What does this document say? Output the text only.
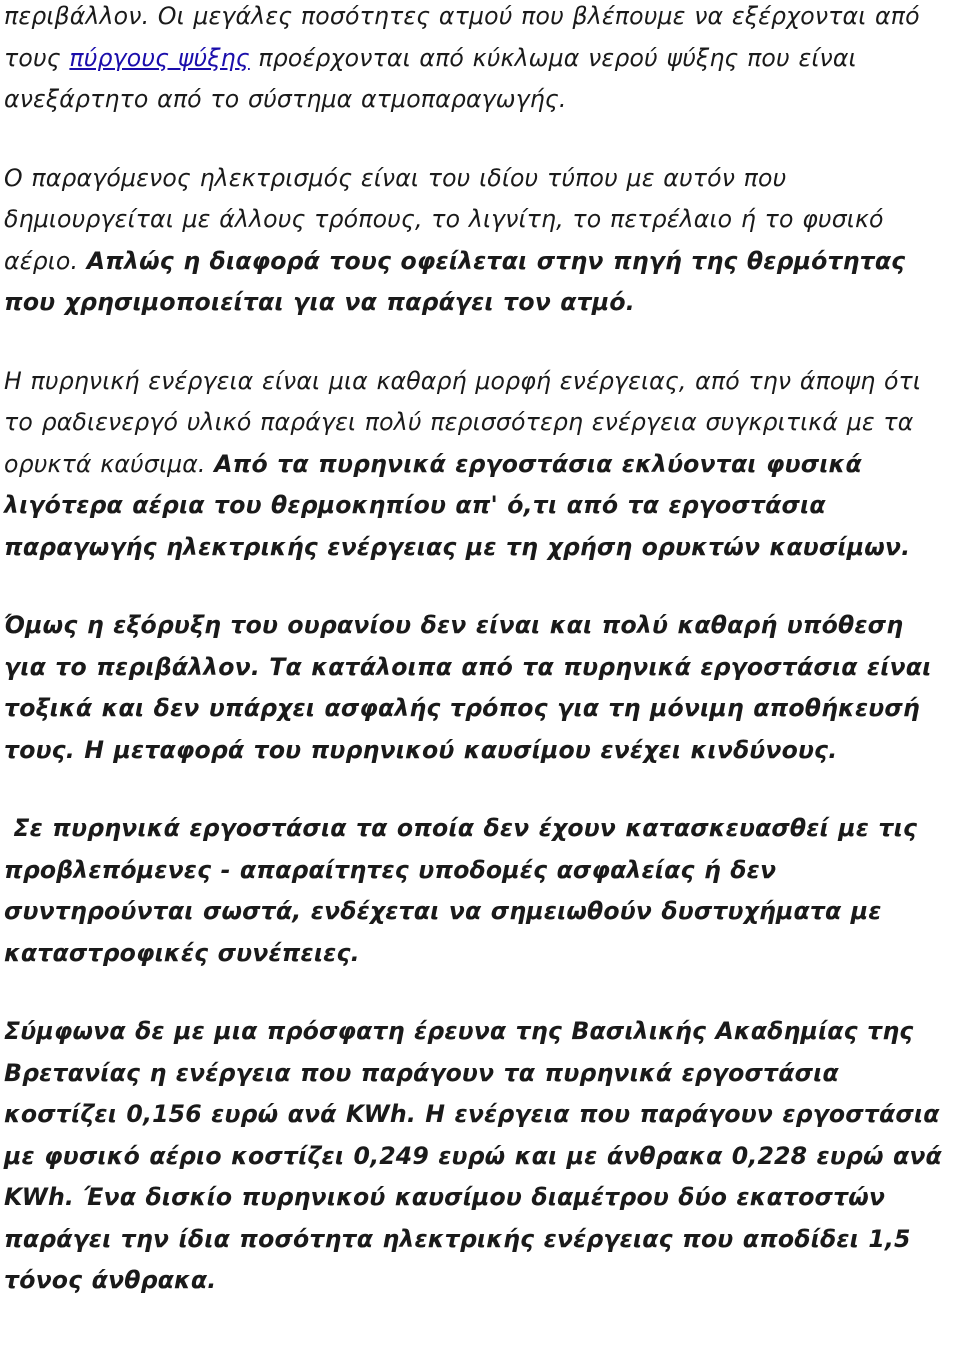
περιβάλλον. Οι μεγάλες ποσότητες ατμού που βλέπουμε να εξέρχονται από τους πύργους ψύξης προέρχονται από κύκλωμα νερού ψύξης που είναι ανεξάρτητο από το σύστημα ατμοπαραγωγής.

Ο παραγόμενος ηλεκτρισμός είναι του ιδίου τύπου με αυτόν που δημιουργείται με άλλους τρόπους, το λιγνίτη, το πετρέλαιο ή το φυσικό αέριο. Απλώς η διαφορά τους οφείλεται στην πηγή της θερμότητας που χρησιμοποιείται για να παράγει τον ατμό.

Η πυρηνική ενέργεια είναι μια καθαρή μορφή ενέργειας, από την άποψη ότι το ραδιενεργό υλικό παράγει πολύ περισσότερη ενέργεια συγκριτικά με τα ορυκτά καύσιμα. Από τα πυρηνικά εργοστάσια εκλύονται φυσικά λιγότερα αέρια του θερμοκηπίου απ' ό,τι από τα εργοστάσια παραγωγής ηλεκτρικής ενέργειας με τη χρήση ορυκτών καυσίμων.

Όμως η εξόρυξη του ουρανίου δεν είναι και πολύ καθαρή υπόθεση για το περιβάλλον. Τα κατάλοιπα από τα πυρηνικά εργοστάσια είναι τοξικά και δεν υπάρχει ασφαλής τρόπος για τη μόνιμη αποθήκευσή τους. Η μεταφορά του πυρηνικού καυσίμου ενέχει κινδύνους.

Σε πυρηνικά εργοστάσια τα οποία δεν έχουν κατασκευασθεί με τις προβλεπόμενες - απαραίτητες υποδομές ασφαλείας ή δεν συντηρούνται σωστά, ενδέχεται να σημειωθούν δυστυχήματα με καταστροφικές συνέπειες.

Σύμφωνα δε με μια πρόσφατη έρευνα της Βασιλικής Ακαδημίας της Βρετανίας η ενέργεια που παράγουν τα πυρηνικά εργοστάσια κοστίζει 0,156 ευρώ ανά KWh. Η ενέργεια που παράγουν εργοστάσια με φυσικό αέριο κοστίζει 0,249 ευρώ και με άνθρακα 0,228 ευρώ ανά KWh. Ένα δισκίο πυρηνικού καυσίμου διαμέτρου δύο εκατοστών παράγει την ίδια ποσότητα ηλεκτρικής ενέργειας που αποδίδει 1,5 τόνος άνθρακα.
